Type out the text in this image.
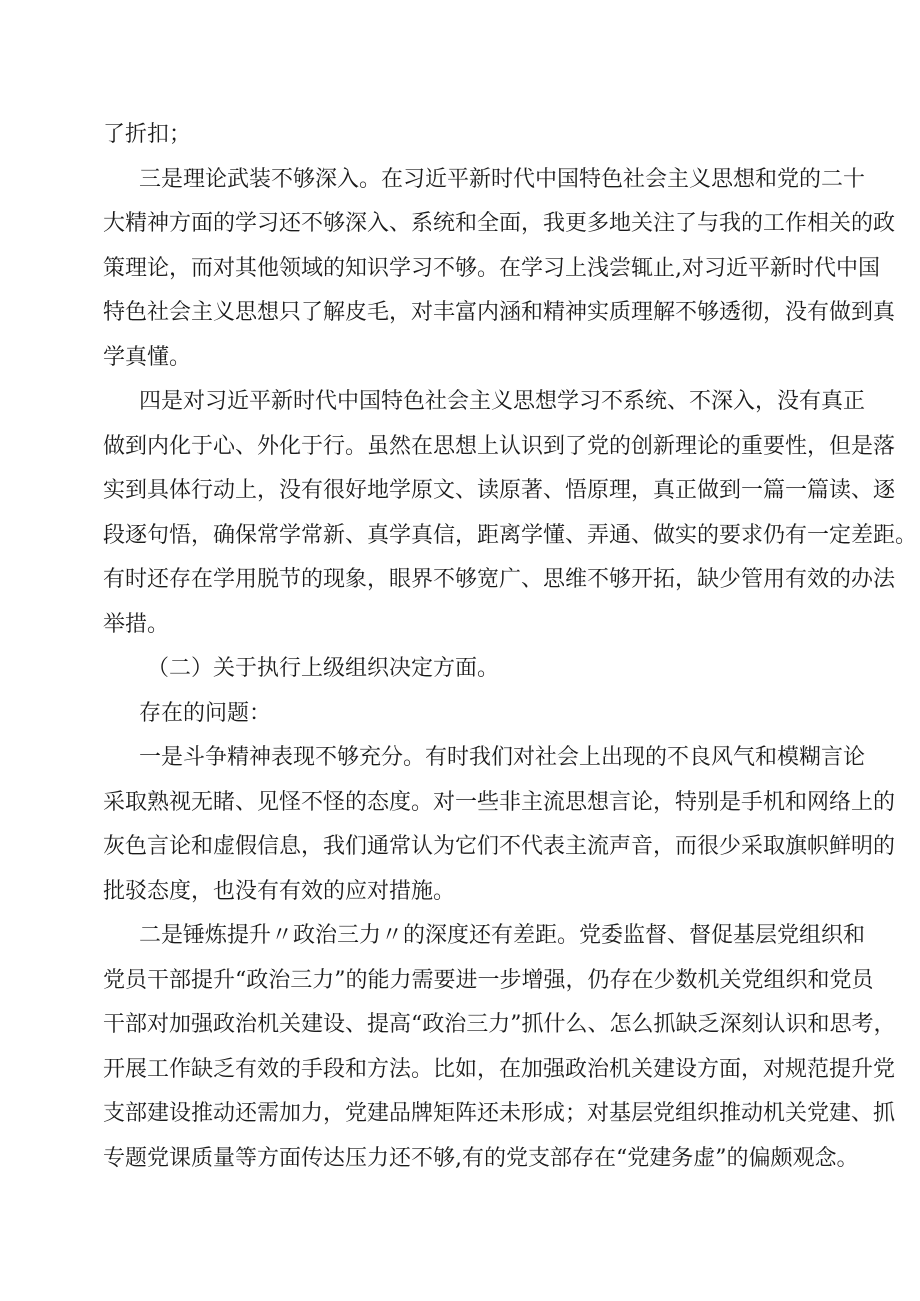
了折扣；
三是理论武装不够深入。在习近平新时代中国特色社会主义思想和党的二十
大精神方面的学习还不够深入、系统和全面，我更多地关注了与我的工作相关的政
策理论，而对其他领域的知识学习不够。在学习上浅尝辄止,对习近平新时代中国
特色社会主义思想只了解皮毛，对丰富内涵和精神实质理解不够透彻，没有做到真
学真懂。
四是对习近平新时代中国特色社会主义思想学习不系统、不深入，没有真正
做到内化于心、外化于行。虽然在思想上认识到了党的创新理论的重要性，但是落
实到具体行动上，没有很好地学原文、读原著、悟原理，真正做到一篇一篇读、逐
段逐句悟，确保常学常新、真学真信，距离学懂、弄通、做实的要求仍有一定差距。
有时还存在学用脱节的现象，眼界不够宽广、思维不够开拓，缺少管用有效的办法
举措。
（二）关于执行上级组织决定方面。
存在的问题：
一是斗争精神表现不够充分。有时我们对社会上出现的不良风气和模糊言论
采取熟视无睹、见怪不怪的态度。对一些非主流思想言论，特别是手机和网络上的
灰色言论和虚假信息，我们通常认为它们不代表主流声音，而很少采取旗帜鲜明的
批驳态度，也没有有效的应对措施。
二是锤炼提升〃政治三力〃的深度还有差距。党委监督、督促基层党组织和
党员干部提升“政治三力”的能力需要进一步增强，仍存在少数机关党组织和党员
干部对加强政治机关建设、提高“政治三力”抓什么、怎么抓缺乏深刻认识和思考，
开展工作缺乏有效的手段和方法。比如，在加强政治机关建设方面，对规范提升党
支部建设推动还需加力，党建品牌矩阵还未形成；对基层党组织推动机关党建、抓
专题党课质量等方面传达压力还不够,有的党支部存在“党建务虚”的偏颇观念。
